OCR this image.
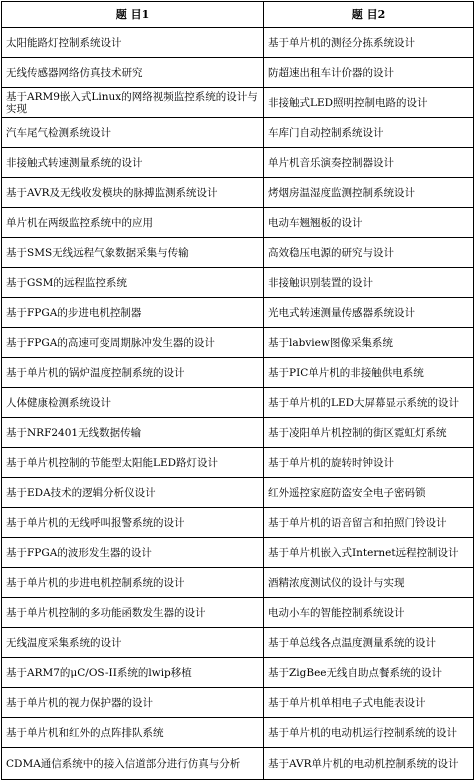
题 目1	题 目2
太阳能路灯控制系统设计	基于单片机的测径分拣系统设计
无线传感器网络仿真技术研究	防超速出租车计价器的设计
基于ARM9嵌入式Linux的网络视频监控系统的设计与实现	非接触式LED照明控制电路的设计
汽车尾气检测系统设计	车库门自动控制系统设计
非接触式转速测量系统的设计	单片机音乐演奏控制器设计
基于AVR及无线收发模块的脉搏监测系统设计	烤烟房温湿度监测控制系统设计
单片机在两级监控系统中的应用	电动车翘翘板的设计
基于SMS无线远程气象数据采集与传输	高效稳压电源的研究与设计
基于GSM的远程监控系统	非接触识别装置的设计
基于FPGA的步进电机控制器	光电式转速测量传感器系统设计
基于FPGA的高速可变周期脉冲发生器的设计	基于labview图像采集系统
基于单片机的锅炉温度控制系统的设计	基于PIC单片机的非接触供电系统
人体健康检测系统设计	基于单片机的LED大屏幕显示系统的设计
基于NRF2401无线数据传输	基于凌阳单片机控制的街区霓虹灯系统
基于单片机控制的节能型太阳能LED路灯设计	基于单片机的旋转时钟设计
基于EDA技术的逻辑分析仪设计	红外遥控家庭防盗安全电子密码锁
基于单片机的无线呼叫报警系统的设计	基于单片机的语音留言和拍照门铃设计
基于FPGA的波形发生器的设计	基于单片机嵌入式Internet远程控制设计
基于单片机的步进电机控制系统的设计	酒精浓度测试仪的设计与实现
基于单片机控制的多功能函数发生器的设计	电动小车的智能控制系统设计
无线温度采集系统的设计	基于单总线各点温度测量系统的设计
基于ARM7的μC/OS-II系统的lwip移植	基于ZigBee无线自助点餐系统的设计
基于单片机的视力保护器的设计	基于单片机单相电子式电能表设计
基于单片机和红外的点阵排队系统	基于单片机的电动机运行控制系统的设计
CDMA通信系统中的接入信道部分进行仿真与分析	基于AVR单片机的电动机控制系统的设计
